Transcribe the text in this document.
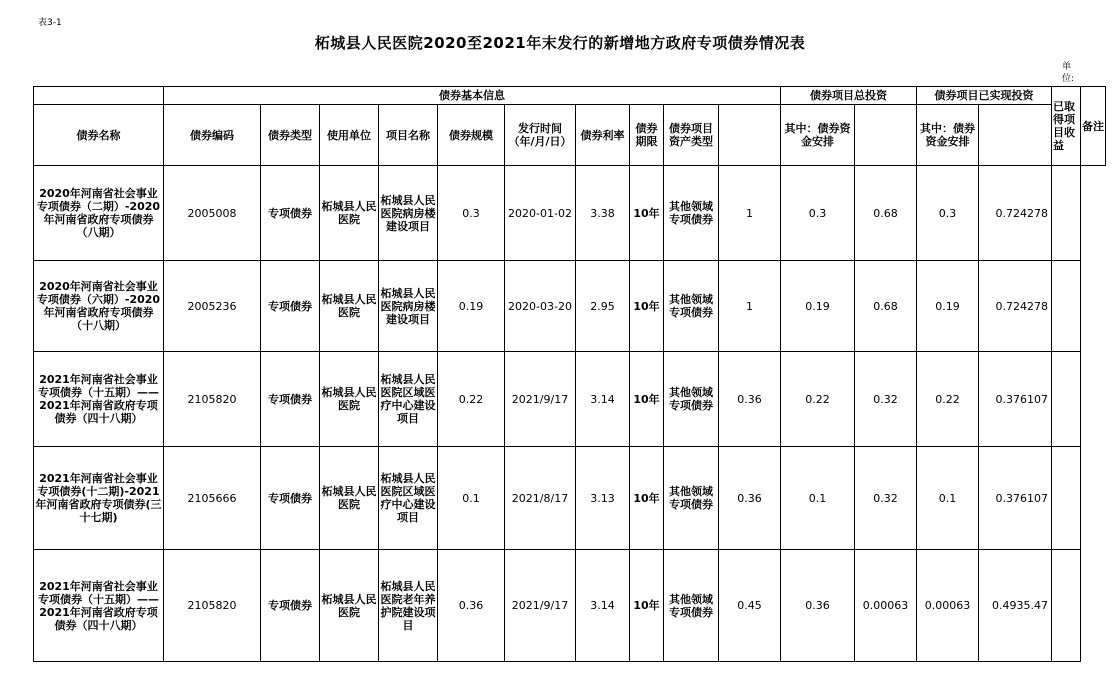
表3-1
柘城县人民医院2020至2021年末发行的新增地方政府专项债券情况表
单位:
	债券基本信息										债券项目总投资		债券项目已实现投资		已取得项目收益	备注
债券名称	债券编码	债券类型	使用单位	项目名称	债券规模	发行时间（年/月/日）	债券利率	债券期限	债券项目资产类型		其中：债券资金安排		其中：债券资金安排			
2020年河南省社会事业专项债券（二期）-2020年河南省政府专项债券（八期）	2005008	专项债券	柘城县人民医院	柘城县人民医院病房楼建设项目	0.3	2020-01-02	3.38	10年	其他领域专项债券	1	0.3	0.68	0.3	0.724278		
2020年河南省社会事业专项债券（六期）-2020年河南省政府专项债券（十八期）	2005236	专项债券	柘城县人民医院	柘城县人民医院病房楼建设项目	0.19	2020-03-20	2.95	10年	其他领域专项债券	1	0.19	0.68	0.19	0.724278		
2021年河南省社会事业专项债券（十五期）——2021年河南省政府专项债券（四十八期）	2105820	专项债券	柘城县人民医院	柘城县人民医院区域医疗中心建设项目	0.22	2021/9/17	3.14	10年	其他领域专项债券	0.36	0.22	0.32	0.22	0.376107		
2021年河南省社会事业专项债券(十二期)-2021年河南省政府专项债券(三十七期)	2105666	专项债券	柘城县人民医院	柘城县人民医院区域医疗中心建设项目	0.1	2021/8/17	3.13	10年	其他领域专项债券	0.36	0.1	0.32	0.1	0.376107		
2021年河南省社会事业专项债券（十五期）——2021年河南省政府专项债券（四十八期）	2105820	专项债券	柘城县人民医院	柘城县人民医院老年养护院建设项目	0.36	2021/9/17	3.14	10年	其他领域专项债券	0.45	0.36	0.00063	0.00063	0.4935.47		
